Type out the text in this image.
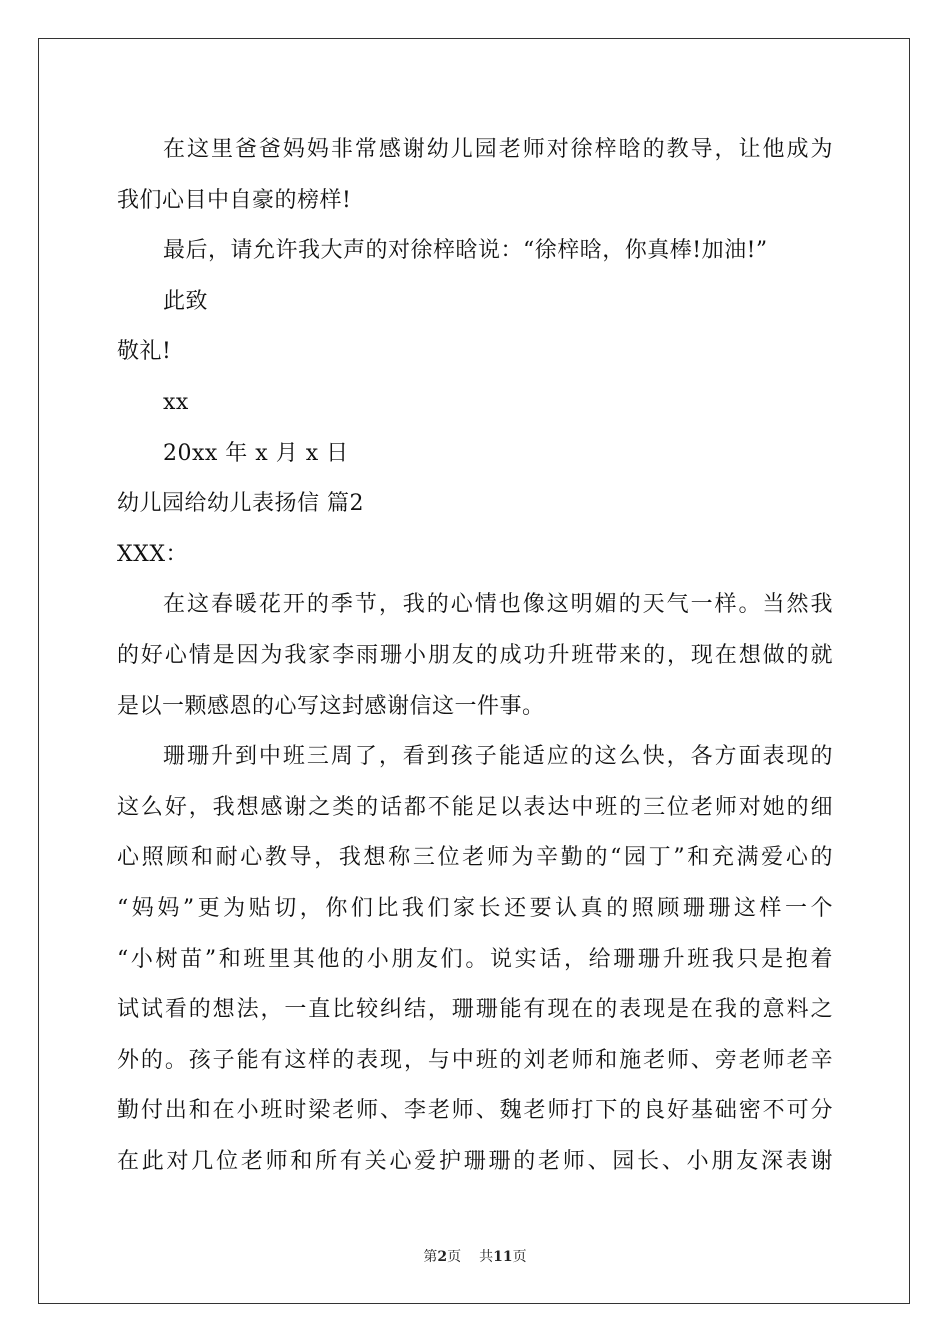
在这里爸爸妈妈非常感谢幼儿园老师对徐梓晗的教导，让他成为
我们心目中自豪的榜样!
最后，请允许我大声的对徐梓晗说：“徐梓晗，你真棒!加油!”
此致
敬礼!
xx
20xx 年 x 月 x 日
幼儿园给幼儿表扬信 篇2
XXX：
在这春暖花开的季节，我的心情也像这明媚的天气一样。当然我
的好心情是因为我家李雨珊小朋友的成功升班带来的，现在想做的就
是以一颗感恩的心写这封感谢信这一件事。
珊珊升到中班三周了，看到孩子能适应的这么快，各方面表现的
这么好，我想感谢之类的话都不能足以表达中班的三位老师对她的细
心照顾和耐心教导，我想称三位老师为辛勤的“园丁”和充满爱心的
“妈妈”更为贴切，你们比我们家长还要认真的照顾珊珊这样一个
“小树苗”和班里其他的小朋友们。说实话，给珊珊升班我只是抱着
试试看的想法，一直比较纠结，珊珊能有现在的表现是在我的意料之
外的。孩子能有这样的表现，与中班的刘老师和施老师、旁老师老辛
勤付出和在小班时梁老师、李老师、魏老师打下的良好基础密不可分
在此对几位老师和所有关心爱护珊珊的老师、园长、小朋友深表谢
第2页 共11页
